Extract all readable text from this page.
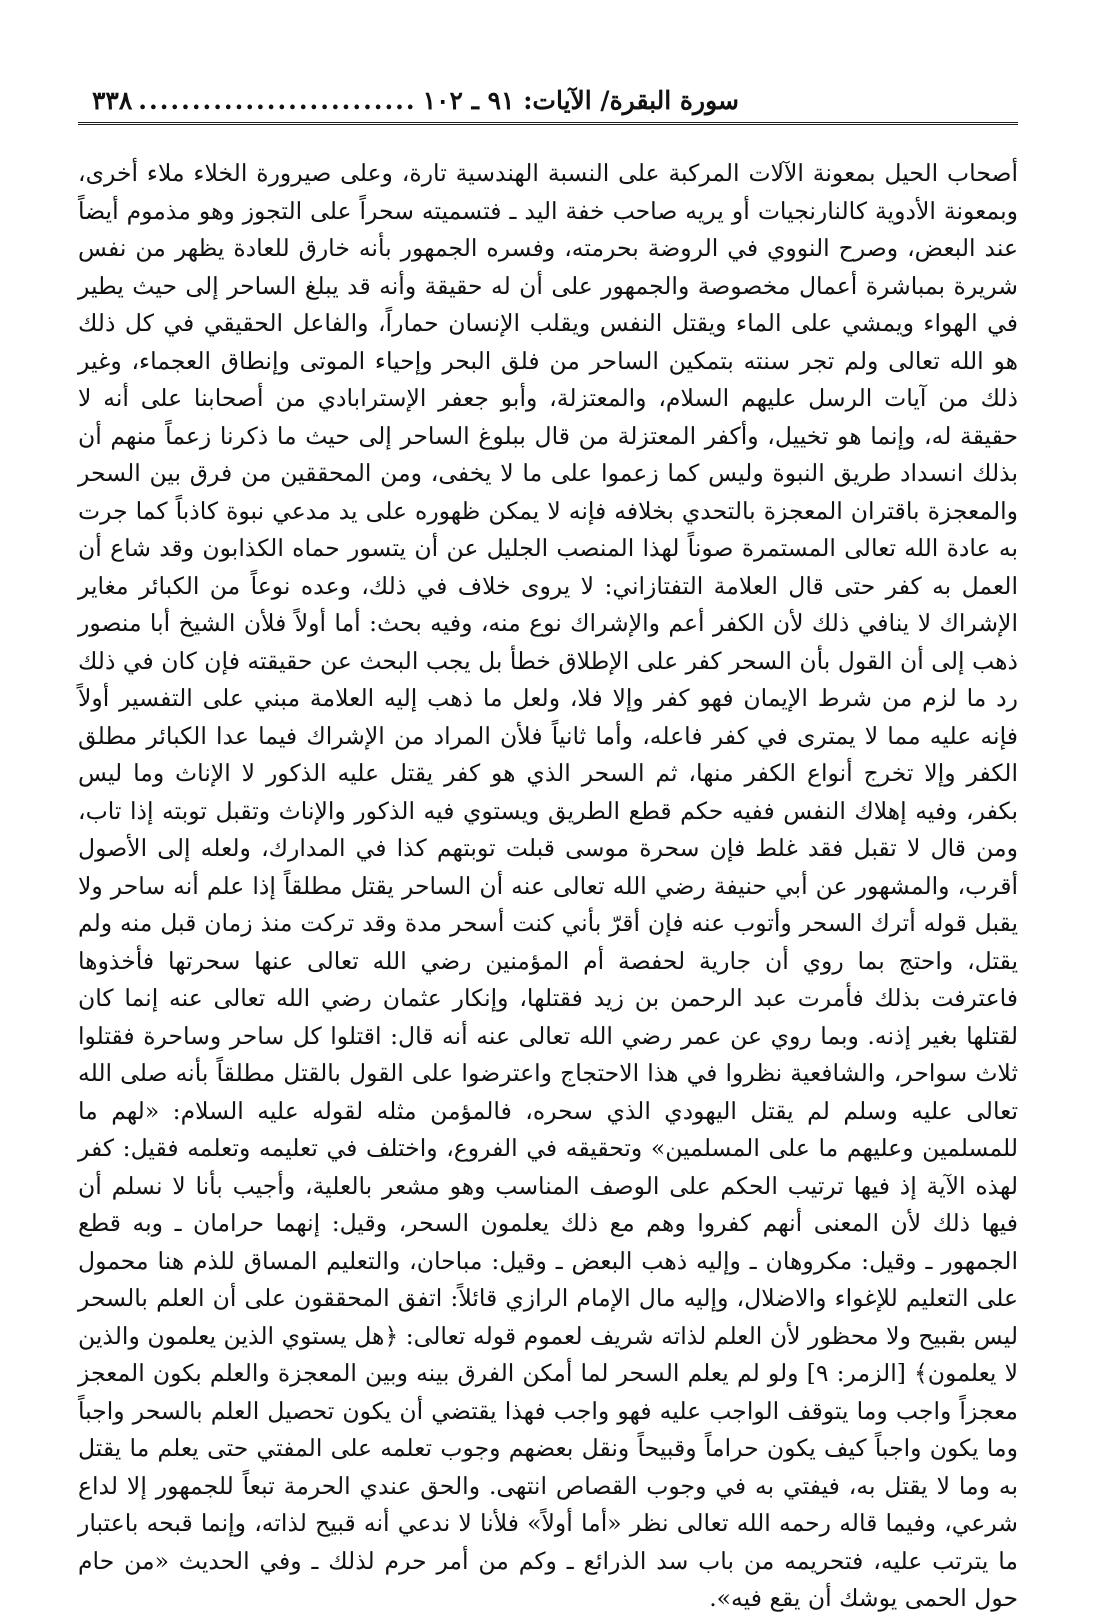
٣٣٨ .......................... سورة البقرة/ الآيات: ٩١ ـ ١٠٢

أصحاب الحيل بمعونة الآلات المركبة على النسبة الهندسية تارة، وعلى صيرورة الخلاء ملاء أخرى، وبمعونة الأدوية كالنارنجيات أو يريه صاحب خفة اليد ـ فتسميته سحراً على التجوز وهو مذموم أيضاً عند البعض، وصرح النووي في الروضة بحرمته، وفسره الجمهور بأنه خارق للعادة يظهر من نفس شريرة بمباشرة أعمال مخصوصة والجمهور على أن له حقيقة وأنه قد يبلغ الساحر إلى حيث يطير في الهواء ويمشي على الماء ويقتل النفس ويقلب الإنسان حماراً، والفاعل الحقيقي في كل ذلك هو الله تعالى ولم تجر سنته بتمكين الساحر من فلق البحر وإحياء الموتى وإنطاق العجماء، وغير ذلك من آيات الرسل عليهم السلام، والمعتزلة، وأبو جعفر الإسترابادي من أصحابنا على أنه لا حقيقة له، وإنما هو تخييل، وأكفر المعتزلة من قال ببلوغ الساحر إلى حيث ما ذكرنا زعماً منهم أن بذلك انسداد طريق النبوة وليس كما زعموا على ما لا يخفى، ومن المحققين من فرق بين السحر والمعجزة باقتران المعجزة بالتحدي بخلافه فإنه لا يمكن ظهوره على يد مدعي نبوة كاذباً كما جرت به عادة الله تعالى المستمرة صوناً لهذا المنصب الجليل عن أن يتسور حماه الكذابون وقد شاع أن العمل به كفر حتى قال العلامة التفتازاني: لا يروى خلاف في ذلك، وعده نوعاً من الكبائر مغاير الإشراك لا ينافي ذلك لأن الكفر أعم والإشراك نوع منه، وفيه بحث: أما أولاً فلأن الشيخ أبا منصور ذهب إلى أن القول بأن السحر كفر على الإطلاق خطأ بل يجب البحث عن حقيقته فإن كان في ذلك رد ما لزم من شرط الإيمان فهو كفر وإلا فلا، ولعل ما ذهب إليه العلامة مبني على التفسير أولاً فإنه عليه مما لا يمترى في كفر فاعله، وأما ثانياً فلأن المراد من الإشراك فيما عدا الكبائر مطلق الكفر وإلا تخرج أنواع الكفر منها، ثم السحر الذي هو كفر يقتل عليه الذكور لا الإناث وما ليس بكفر، وفيه إهلاك النفس ففيه حكم قطع الطريق ويستوي فيه الذكور والإناث وتقبل توبته إذا تاب، ومن قال لا تقبل فقد غلط فإن سحرة موسى قبلت توبتهم كذا في المدارك، ولعله إلى الأصول أقرب، والمشهور عن أبي حنيفة رضي الله تعالى عنه أن الساحر يقتل مطلقاً إذا علم أنه ساحر ولا يقبل قوله أترك السحر وأتوب عنه فإن أقرّ بأني كنت أسحر مدة وقد تركت منذ زمان قبل منه ولم يقتل، واحتج بما روي أن جارية لحفصة أم المؤمنين رضي الله تعالى عنها سحرتها فأخذوها فاعترفت بذلك فأمرت عبد الرحمن بن زيد فقتلها، وإنكار عثمان رضي الله تعالى عنه إنما كان لقتلها بغير إذنه. وبما روي عن عمر رضي الله تعالى عنه أنه قال: اقتلوا كل ساحر وساحرة فقتلوا ثلاث سواحر، والشافعية نظروا في هذا الاحتجاج واعترضوا على القول بالقتل مطلقاً بأنه صلى الله تعالى عليه وسلم لم يقتل اليهودي الذي سحره، فالمؤمن مثله لقوله عليه السلام: «لهم ما للمسلمين وعليهم ما على المسلمين» وتحقيقه في الفروع، واختلف في تعليمه وتعلمه فقيل: كفر لهذه الآية إذ فيها ترتيب الحكم على الوصف المناسب وهو مشعر بالعلية، وأجيب بأنا لا نسلم أن فيها ذلك لأن المعنى أنهم كفروا وهم مع ذلك يعلمون السحر، وقيل: إنهما حرامان ـ وبه قطع الجمهور ـ وقيل: مكروهان ـ وإليه ذهب البعض ـ وقيل: مباحان، والتعليم المساق للذم هنا محمول على التعليم للإغواء والاضلال، وإليه مال الإمام الرازي قائلاً: اتفق المحققون على أن العلم بالسحر ليس بقبيح ولا محظور لأن العلم لذاته شريف لعموم قوله تعالى: ﴿هل يستوي الذين يعلمون والذين لا يعلمون﴾ [الزمر: ٩] ولو لم يعلم السحر لما أمكن الفرق بينه وبين المعجزة والعلم بكون المعجز معجزاً واجب وما يتوقف الواجب عليه فهو واجب فهذا يقتضي أن يكون تحصيل العلم بالسحر واجباً وما يكون واجباً كيف يكون حراماً وقبيحاً ونقل بعضهم وجوب تعلمه على المفتي حتى يعلم ما يقتل به وما لا يقتل به، فيفتي به في وجوب القصاص انتهى. والحق عندي الحرمة تبعاً للجمهور إلا لداع شرعي، وفيما قاله رحمه الله تعالى نظر «أما أولاً» فلأنا لا ندعي أنه قبيح لذاته، وإنما قبحه باعتبار ما يترتب عليه، فتحريمه من باب سد الذرائع ـ وكم من أمر حرم لذلك ـ وفي الحديث «من حام حول الحمى يوشك أن يقع فيه».
